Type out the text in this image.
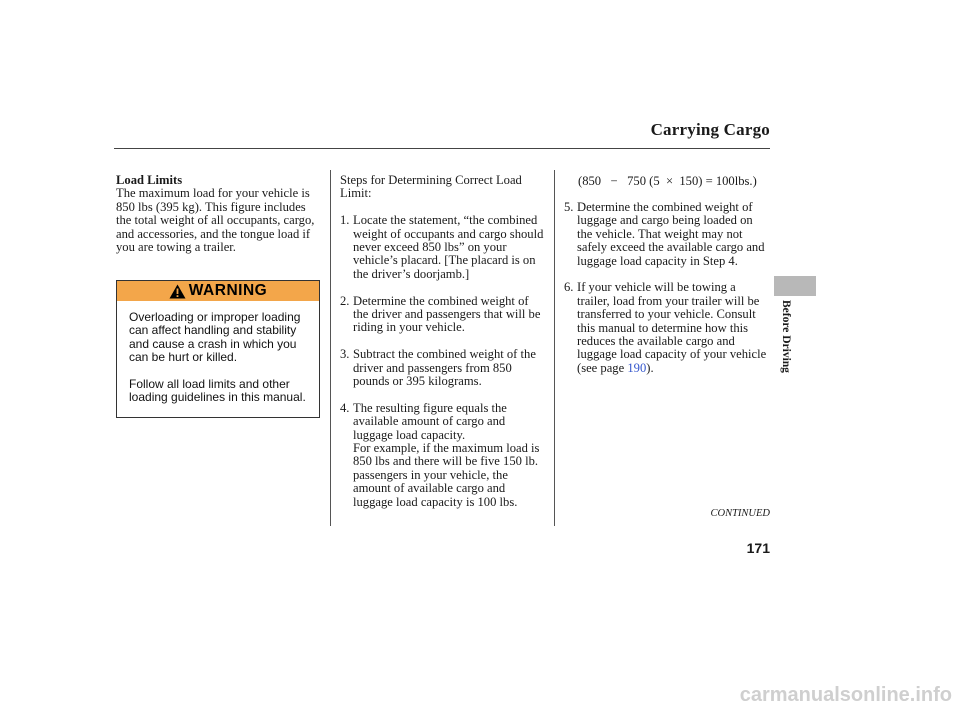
Carrying Cargo
Before Driving
Load Limits

The maximum load for your vehicle is 850 lbs (395 kg). This figure includes the total weight of all occupants, cargo, and accessories, and the tongue load if you are towing a trailer.

WARNING

Overloading or improper loading can affect handling and stability and cause a crash in which you can be hurt or killed.

Follow all load limits and other loading guidelines in this manual.

Steps for Determining Correct Load Limit:

1. Locate the statement, “the combined weight of occupants and cargo should never exceed 850 lbs” on your vehicle’s placard. [The placard is on the driver’s doorjamb.]
2. Determine the combined weight of the driver and passengers that will be riding in your vehicle.
3. Subtract the combined weight of the driver and passengers from 850 pounds or 395 kilograms.
4. The resulting figure equals the available amount of cargo and luggage load capacity.
For example, if the maximum load is 850 lbs and there will be five 150 lb. passengers in your vehicle, the amount of available cargo and luggage load capacity is 100 lbs.
(850 − 750 (5 × 150) = 100lbs.)
5. Determine the combined weight of luggage and cargo being loaded on the vehicle. That weight may not safely exceed the available cargo and luggage load capacity in Step 4.
6. If your vehicle will be towing a trailer, load from your trailer will be transferred to your vehicle. Consult this manual to determine how this reduces the available cargo and luggage load capacity of your vehicle (see page 190).
CONTINUED
171
carmanualsonline.info
